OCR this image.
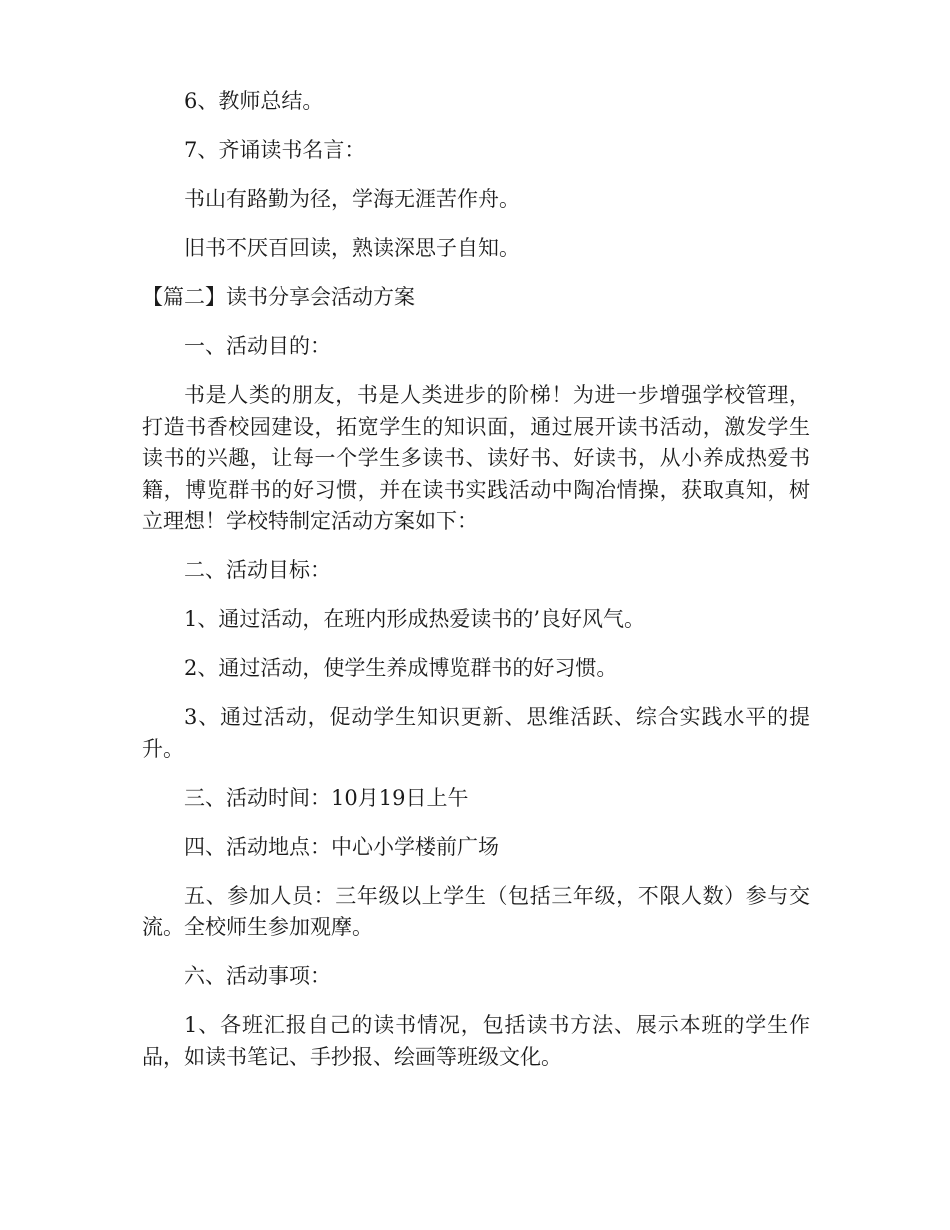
6、教师总结。

7、齐诵读书名言：

书山有路勤为径，学海无涯苦作舟。

旧书不厌百回读，熟读深思子自知。

【篇二】读书分享会活动方案

一、活动目的：

书是人类的朋友，书是人类进步的阶梯！为进一步增强学校管理，打造书香校园建设，拓宽学生的知识面，通过展开读书活动，激发学生读书的兴趣，让每一个学生多读书、读好书、好读书，从小养成热爱书籍，博览群书的好习惯，并在读书实践活动中陶冶情操，获取真知，树立理想！学校特制定活动方案如下：

二、活动目标：

1、通过活动，在班内形成热爱读书的’良好风气。

2、通过活动，使学生养成博览群书的好习惯。

3、通过活动，促动学生知识更新、思维活跃、综合实践水平的提升。

三、活动时间：10月19日上午

四、活动地点：中心小学楼前广场

五、参加人员：三年级以上学生（包括三年级，不限人数）参与交流。全校师生参加观摩。

六、活动事项：

1、各班汇报自己的读书情况，包括读书方法、展示本班的学生作品，如读书笔记、手抄报、绘画等班级文化。
